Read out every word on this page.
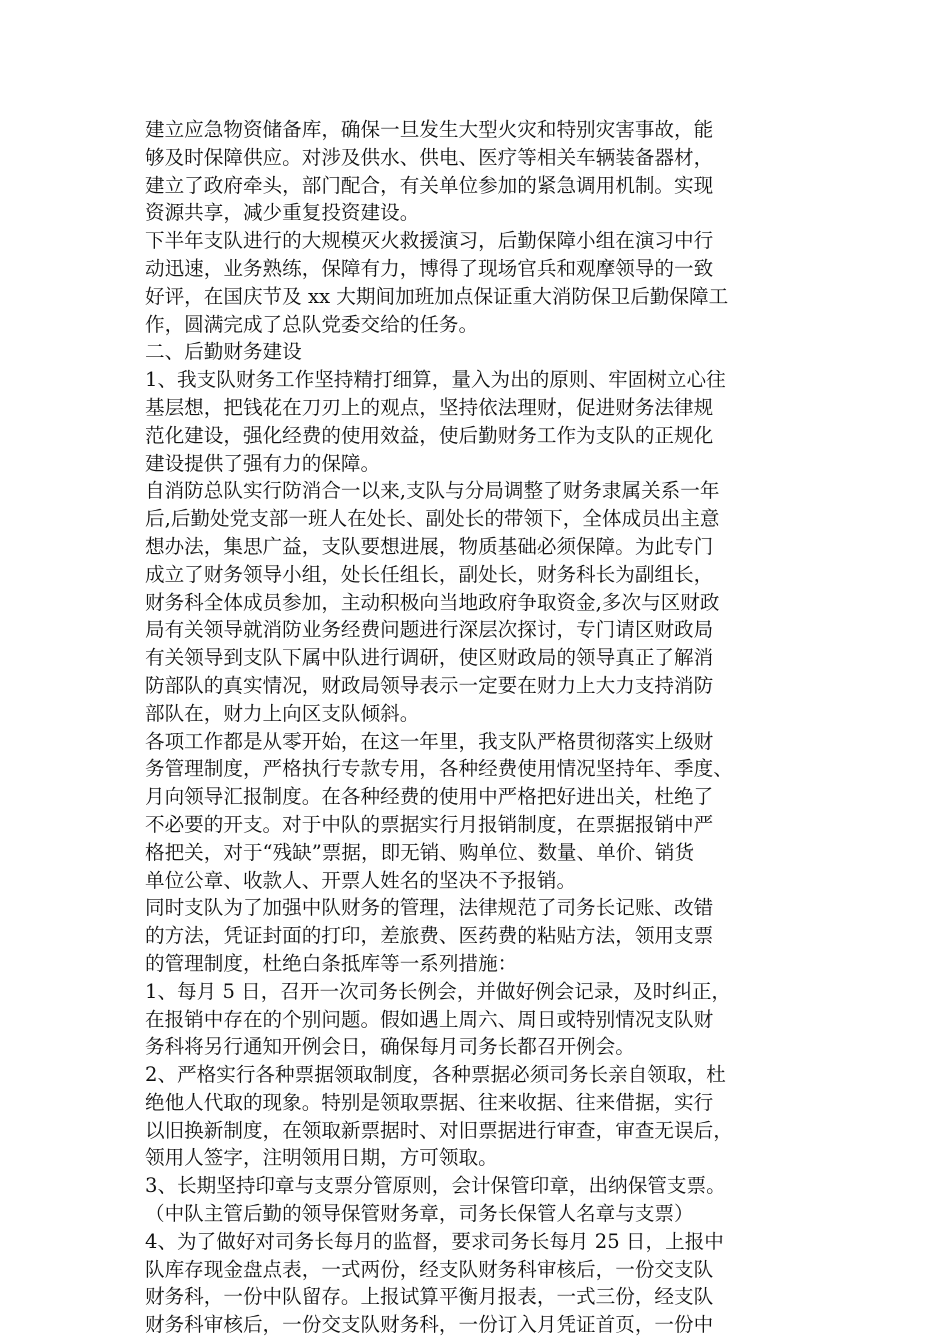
建立应急物资储备库，确保一旦发生大型火灾和特别灾害事故，能
够及时保障供应。对涉及供水、供电、医疗等相关车辆装备器材，
建立了政府牵头，部门配合，有关单位参加的紧急调用机制。实现
资源共享，减少重复投资建设。
下半年支队进行的大规模灭火救援演习，后勤保障小组在演习中行
动迅速，业务熟练，保障有力，博得了现场官兵和观摩领导的一致
好评，在国庆节及 xx 大期间加班加点保证重大消防保卫后勤保障工
作，圆满完成了总队党委交给的任务。
二、后勤财务建设
1、我支队财务工作坚持精打细算，量入为出的原则、牢固树立心往
基层想，把钱花在刀刃上的观点，坚持依法理财，促进财务法律规
范化建设，强化经费的使用效益，使后勤财务工作为支队的正规化
建设提供了强有力的保障。
自消防总队实行防消合一以来,支队与分局调整了财务隶属关系一年
后,后勤处党支部一班人在处长、副处长的带领下，全体成员出主意
想办法，集思广益，支队要想进展，物质基础必须保障。为此专门
成立了财务领导小组，处长任组长，副处长，财务科长为副组长，
财务科全体成员参加，主动积极向当地政府争取资金,多次与区财政
局有关领导就消防业务经费问题进行深层次探讨，专门请区财政局
有关领导到支队下属中队进行调研，使区财政局的领导真正了解消
防部队的真实情况，财政局领导表示一定要在财力上大力支持消防
部队在，财力上向区支队倾斜。
各项工作都是从零开始，在这一年里，我支队严格贯彻落实上级财
务管理制度，严格执行专款专用，各种经费使用情况坚持年、季度、
月向领导汇报制度。在各种经费的使用中严格把好进出关，杜绝了
不必要的开支。对于中队的票据实行月报销制度，在票据报销中严
格把关，对于“残缺”票据，即无销、购单位、数量、单价、销货
单位公章、收款人、开票人姓名的坚决不予报销。
同时支队为了加强中队财务的管理，法律规范了司务长记账、改错
的方法，凭证封面的打印，差旅费、医药费的粘贴方法，领用支票
的管理制度，杜绝白条抵库等一系列措施：
1、每月 5 日，召开一次司务长例会，并做好例会记录，及时纠正，
在报销中存在的个别问题。假如遇上周六、周日或特别情况支队财
务科将另行通知开例会日，确保每月司务长都召开例会。
2、严格实行各种票据领取制度，各种票据必须司务长亲自领取，杜
绝他人代取的现象。特别是领取票据、往来收据、往来借据，实行
以旧换新制度，在领取新票据时、对旧票据进行审查，审查无误后，
领用人签字，注明领用日期，方可领取。
3、长期坚持印章与支票分管原则，会计保管印章，出纳保管支票。
（中队主管后勤的领导保管财务章，司务长保管人名章与支票）
4、为了做好对司务长每月的监督，要求司务长每月 25 日，上报中
队库存现金盘点表，一式两份，经支队财务科审核后，一份交支队
财务科，一份中队留存。上报试算平衡月报表，一式三份，经支队
财务科审核后，一份交支队财务科，一份订入月凭证首页，一份中
